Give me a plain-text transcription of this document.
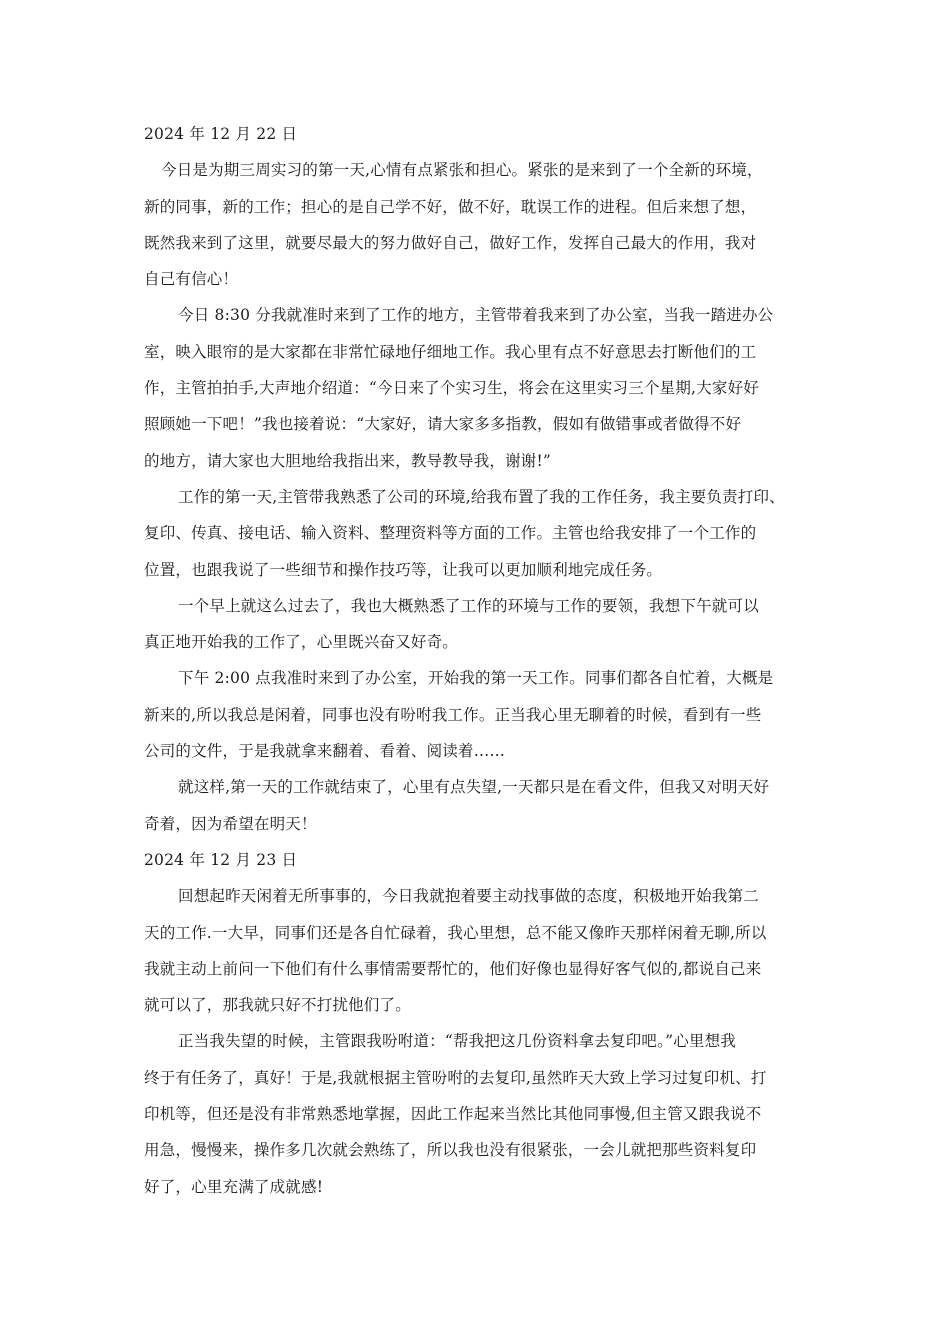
2024 年 12 月 22 日
今日是为期三周实习的第一天,心情有点紧张和担心。紧张的是来到了一个全新的环境，
新的同事，新的工作；担心的是自己学不好，做不好，耽误工作的进程。但后来想了想，
既然我来到了这里，就要尽最大的努力做好自己，做好工作，发挥自己最大的作用，我对
自己有信心！
今日 8:30 分我就准时来到了工作的地方，主管带着我来到了办公室，当我一踏进办公
室，映入眼帘的是大家都在非常忙碌地仔细地工作。我心里有点不好意思去打断他们的工
作，主管拍拍手,大声地介绍道：“今日来了个实习生，将会在这里实习三个星期,大家好好
照顾她一下吧！”我也接着说：“大家好，请大家多多指教，假如有做错事或者做得不好
的地方，请大家也大胆地给我指出来，教导教导我，谢谢!”
工作的第一天,主管带我熟悉了公司的环境,给我布置了我的工作任务，我主要负责打印、
复印、传真、接电话、输入资料、整理资料等方面的工作。主管也给我安排了一个工作的
位置，也跟我说了一些细节和操作技巧等，让我可以更加顺利地完成任务。
一个早上就这么过去了，我也大概熟悉了工作的环境与工作的要领，我想下午就可以
真正地开始我的工作了，心里既兴奋又好奇。
下午 2:00 点我准时来到了办公室，开始我的第一天工作。同事们都各自忙着，大概是
新来的,所以我总是闲着，同事也没有吩咐我工作。正当我心里无聊着的时候，看到有一些
公司的文件，于是我就拿来翻着、看着、阅读着……
就这样,第一天的工作就结束了，心里有点失望,一天都只是在看文件，但我又对明天好
奇着，因为希望在明天！
2024 年 12 月 23 日
回想起昨天闲着无所事事的，今日我就抱着要主动找事做的态度，积极地开始我第二
天的工作.一大早，同事们还是各自忙碌着，我心里想，总不能又像昨天那样闲着无聊,所以
我就主动上前问一下他们有什么事情需要帮忙的，他们好像也显得好客气似的,都说自己来
就可以了，那我就只好不打扰他们了。
正当我失望的时候，主管跟我吩咐道：“帮我把这几份资料拿去复印吧。”心里想我
终于有任务了，真好！于是,我就根据主管吩咐的去复印,虽然昨天大致上学习过复印机、打
印机等，但还是没有非常熟悉地掌握，因此工作起来当然比其他同事慢,但主管又跟我说不
用急，慢慢来，操作多几次就会熟练了，所以我也没有很紧张，一会儿就把那些资料复印
好了，心里充满了成就感!
